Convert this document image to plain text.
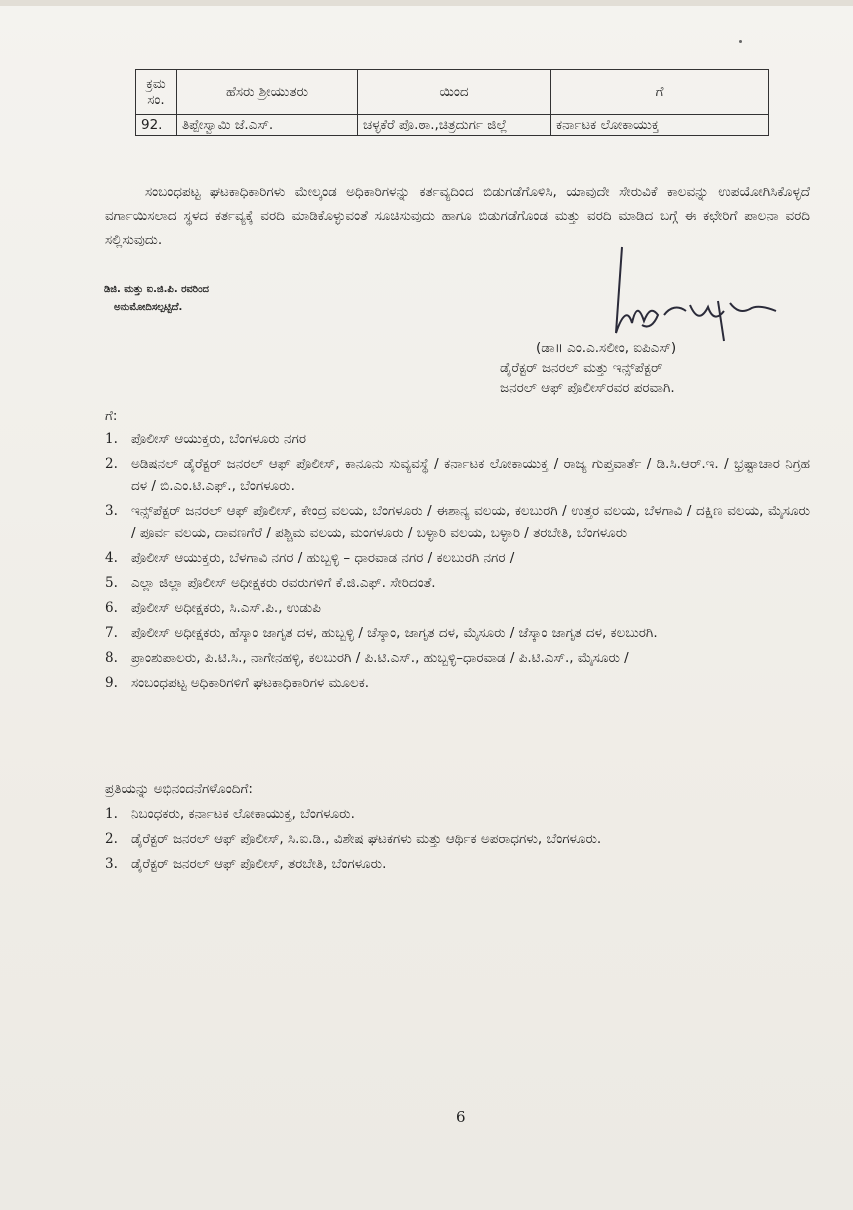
ಕ್ರಮ ಸಂ.	ಹೆಸರು ಶ್ರೀಯುತರು	ಯಿಂದ	ಗೆ
92.	ತಿಪ್ಪೇಸ್ವಾಮಿ ಜೆ.ಎಸ್.	ಚಳ್ಳಕೆರೆ ಪೊ.ಠಾ.,ಚಿತ್ರದುರ್ಗ ಜಿಲ್ಲೆ	ಕರ್ನಾಟಕ ಲೋಕಾಯುಕ್ತ

ಸಂಬಂಧಪಟ್ಟ ಘಟಕಾಧಿಕಾರಿಗಳು ಮೇಲ್ಕಂಡ ಅಧಿಕಾರಿಗಳನ್ನು ಕರ್ತವ್ಯದಿಂದ ಬಿಡುಗಡೆಗೊಳಿಸಿ, ಯಾವುದೇ ಸೇರುವಿಕೆ ಕಾಲವನ್ನು ಉಪಯೋಗಿಸಿಕೊಳ್ಳದೆ ವರ್ಗಾಯಿಸಲಾದ ಸ್ಥಳದ ಕರ್ತವ್ಯಕ್ಕೆ ವರದಿ ಮಾಡಿಕೊಳ್ಳುವಂತೆ ಸೂಚಿಸುವುದು ಹಾಗೂ ಬಿಡುಗಡೆಗೊಂಡ ಮತ್ತು ವರದಿ ಮಾಡಿದ ಬಗ್ಗೆ ಈ ಕಛೇರಿಗೆ ಪಾಲನಾ ವರದಿ ಸಲ್ಲಿಸುವುದು.

ಡಿಜಿ. ಮತ್ತು ಐ.ಜಿ.ಪಿ. ರವರಿಂದ
ಅನುಮೋದಿಸಲ್ಪಟ್ಟಿದೆ.
(ಡಾ॥ ಎಂ.ಎ.ಸಲೀಂ, ಐಪಿಎಸ್)
ಡೈರೆಕ್ಟರ್ ಜನರಲ್ ಮತ್ತು ಇನ್ಸ್‌ಪೆಕ್ಟರ್
ಜನರಲ್ ಆಫ್ ಪೊಲೀಸ್‌ರವರ ಪರವಾಗಿ.
ಗೆ:
1. ಪೊಲೀಸ್ ಆಯುಕ್ತರು, ಬೆಂಗಳೂರು ನಗರ
2. ಅಡಿಷನಲ್ ಡೈರೆಕ್ಟರ್ ಜನರಲ್ ಆಫ್ ಪೊಲೀಸ್, ಕಾನೂನು ಸುವ್ಯವಸ್ಥೆ / ಕರ್ನಾಟಕ ಲೋಕಾಯುಕ್ತ / ರಾಜ್ಯ ಗುಪ್ತವಾರ್ತೆ / ಡಿ.ಸಿ.ಆರ್.ಇ. / ಭ್ರಷ್ಟಾಚಾರ ನಿಗ್ರಹ ದಳ / ಬಿ.ಎಂ.ಟಿ.ಎಫ್., ಬೆಂಗಳೂರು.
3. ಇನ್ಸ್‌ಪೆಕ್ಟರ್ ಜನರಲ್ ಆಫ್ ಪೊಲೀಸ್, ಕೇಂದ್ರ ವಲಯ, ಬೆಂಗಳೂರು / ಈಶಾನ್ಯ ವಲಯ, ಕಲಬುರಗಿ / ಉತ್ತರ ವಲಯ, ಬೆಳಗಾವಿ / ದಕ್ಷಿಣ ವಲಯ, ಮೈಸೂರು / ಪೂರ್ವ ವಲಯ, ದಾವಣಗೆರೆ / ಪಶ್ಚಿಮ ವಲಯ, ಮಂಗಳೂರು / ಬಳ್ಳಾರಿ ವಲಯ, ಬಳ್ಳಾರಿ / ತರಬೇತಿ, ಬೆಂಗಳೂರು
4. ಪೊಲೀಸ್ ಆಯುಕ್ತರು, ಬೆಳಗಾವಿ ನಗರ / ಹುಬ್ಬಳ್ಳಿ – ಧಾರವಾಡ ನಗರ / ಕಲಬುರಗಿ ನಗರ /
5. ಎಲ್ಲಾ ಜಿಲ್ಲಾ ಪೊಲೀಸ್ ಅಧೀಕ್ಷಕರು ರವರುಗಳಿಗೆ ಕೆ.ಜಿ.ಎಫ್. ಸೇರಿದಂತೆ.
6. ಪೊಲೀಸ್ ಅಧೀಕ್ಷಕರು, ಸಿ.ಎಸ್.ಪಿ., ಉಡುಪಿ
7. ಪೊಲೀಸ್ ಅಧೀಕ್ಷಕರು, ಹೆಸ್ಕಾಂ ಜಾಗೃತ ದಳ, ಹುಬ್ಬಳ್ಳಿ / ಚೆಸ್ಕಾಂ, ಜಾಗೃತ ದಳ, ಮೈಸೂರು / ಜೆಸ್ಕಾಂ ಜಾಗೃತ ದಳ, ಕಲಬುರಗಿ.
8. ಪ್ರಾಂಶುಪಾಲರು, ಪಿ.ಟಿ.ಸಿ., ನಾಗೇನಹಳ್ಳಿ, ಕಲಬುರಗಿ / ಪಿ.ಟಿ.ಎಸ್., ಹುಬ್ಬಳ್ಳಿ–ಧಾರವಾಡ / ಪಿ.ಟಿ.ಎಸ್., ಮೈಸೂರು /
9. ಸಂಬಂಧಪಟ್ಟ ಅಧಿಕಾರಿಗಳಿಗೆ ಘಟಕಾಧಿಕಾರಿಗಳ ಮೂಲಕ.
ಪ್ರತಿಯನ್ನು ಅಭಿನಂದನೆಗಳೊಂದಿಗೆ:
1. ನಿಬಂಧಕರು, ಕರ್ನಾಟಕ ಲೋಕಾಯುಕ್ತ, ಬೆಂಗಳೂರು.
2. ಡೈರೆಕ್ಟರ್ ಜನರಲ್ ಆಫ್ ಪೊಲೀಸ್, ಸಿ.ಐ.ಡಿ., ವಿಶೇಷ ಘಟಕಗಳು ಮತ್ತು ಆರ್ಥಿಕ ಅಪರಾಧಗಳು, ಬೆಂಗಳೂರು.
3. ಡೈರೆಕ್ಟರ್ ಜನರಲ್ ಆಫ್ ಪೊಲೀಸ್, ತರಬೇತಿ, ಬೆಂಗಳೂರು.
6
